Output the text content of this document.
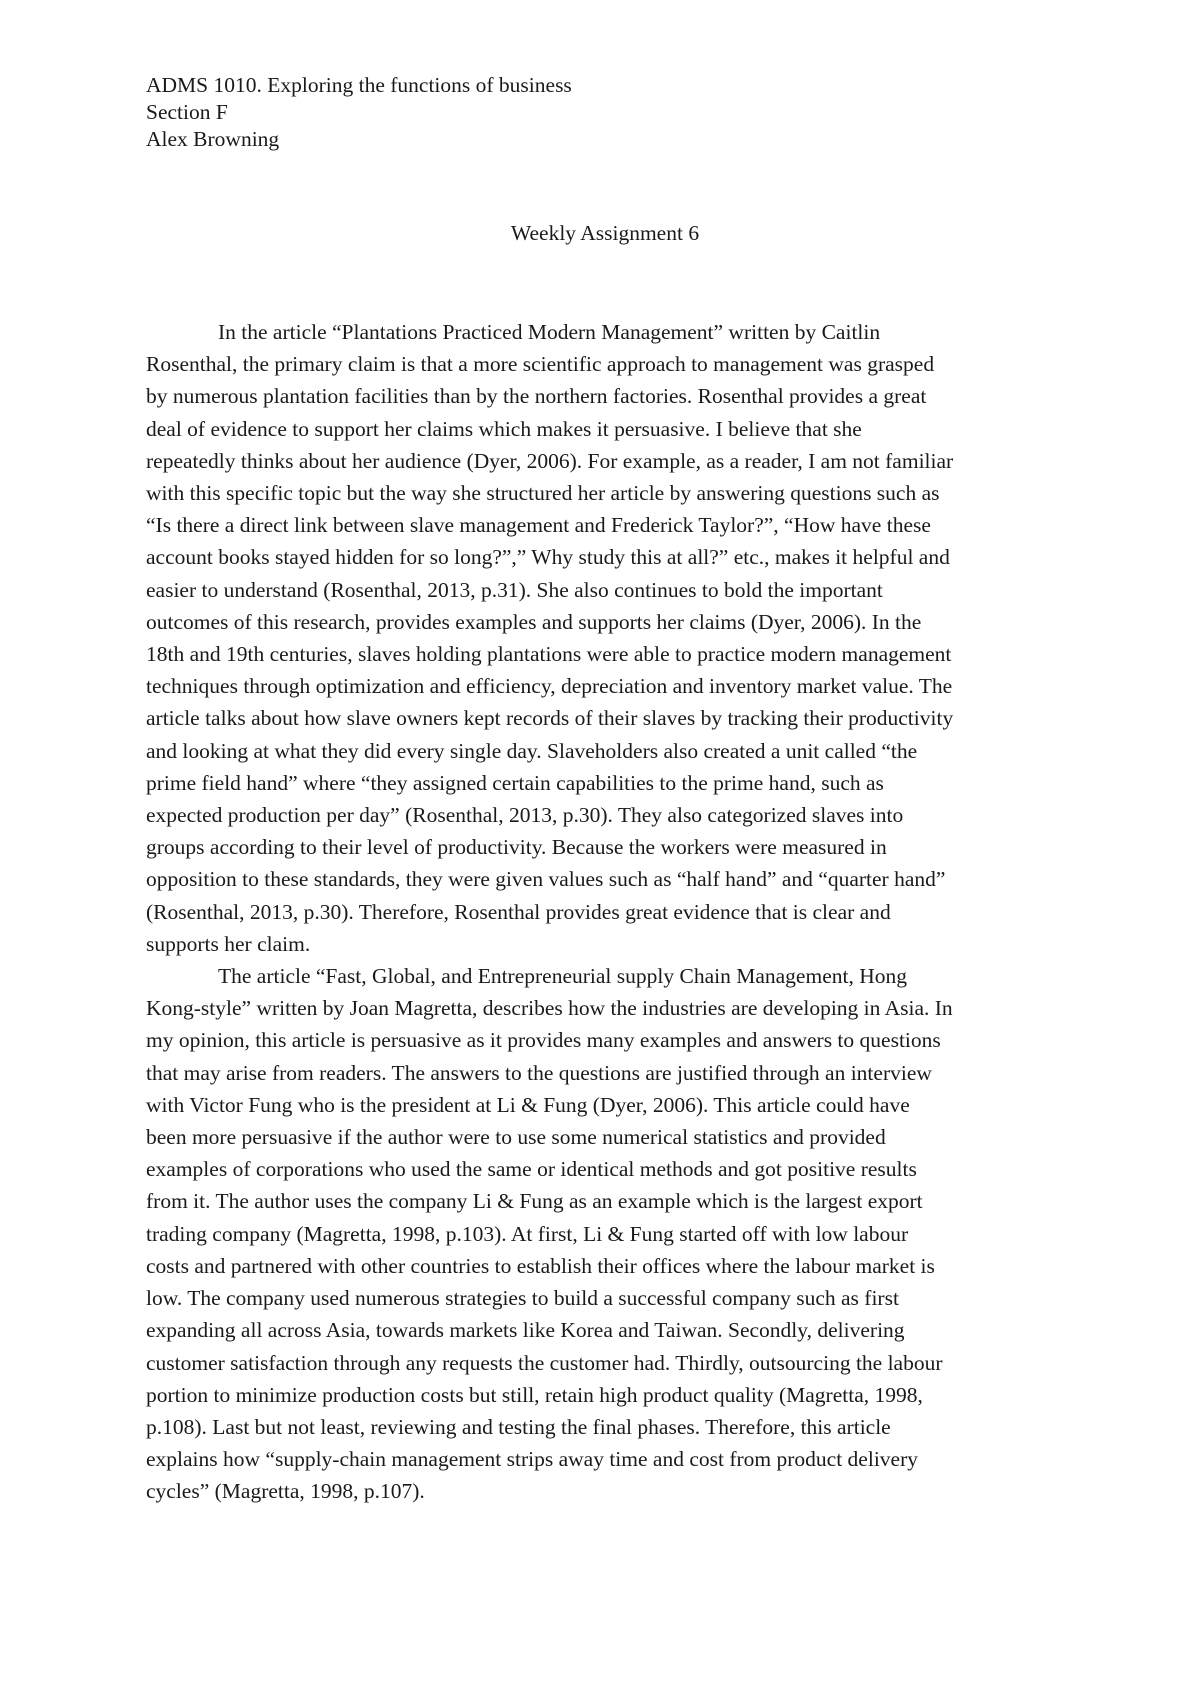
ADMS 1010. Exploring the functions of business
Section F
Alex Browning
Weekly Assignment 6
In the article “Plantations Practiced Modern Management” written by Caitlin
Rosenthal, the primary claim is that a more scientific approach to management was grasped
by numerous plantation facilities than by the northern factories. Rosenthal provides a great
deal of evidence to support her claims which makes it persuasive. I believe that she
repeatedly thinks about her audience (Dyer, 2006). For example, as a reader, I am not familiar
with this specific topic but the way she structured her article by answering questions such as
“Is there a direct link between slave management and Frederick Taylor?”, “How have these
account books stayed hidden for so long?”,” Why study this at all?” etc., makes it helpful and
easier to understand (Rosenthal, 2013, p.31). She also continues to bold the important
outcomes of this research, provides examples and supports her claims (Dyer, 2006). In the
18th and 19th centuries, slaves holding plantations were able to practice modern management
techniques through optimization and efficiency, depreciation and inventory market value. The
article talks about how slave owners kept records of their slaves by tracking their productivity
and looking at what they did every single day. Slaveholders also created a unit called “the
prime field hand” where “they assigned certain capabilities to the prime hand, such as
expected production per day” (Rosenthal, 2013, p.30). They also categorized slaves into
groups according to their level of productivity. Because the workers were measured in
opposition to these standards, they were given values such as “half hand” and “quarter hand”
(Rosenthal, 2013, p.30). Therefore, Rosenthal provides great evidence that is clear and
supports her claim.
The article “Fast, Global, and Entrepreneurial supply Chain Management, Hong
Kong-style” written by Joan Magretta, describes how the industries are developing in Asia. In
my opinion, this article is persuasive as it provides many examples and answers to questions
that may arise from readers. The answers to the questions are justified through an interview
with Victor Fung who is the president at Li & Fung (Dyer, 2006). This article could have
been more persuasive if the author were to use some numerical statistics and provided
examples of corporations who used the same or identical methods and got positive results
from it. The author uses the company Li & Fung as an example which is the largest export
trading company (Magretta, 1998, p.103). At first, Li & Fung started off with low labour
costs and partnered with other countries to establish their offices where the labour market is
low. The company used numerous strategies to build a successful company such as first
expanding all across Asia, towards markets like Korea and Taiwan. Secondly, delivering
customer satisfaction through any requests the customer had. Thirdly, outsourcing the labour
portion to minimize production costs but still, retain high product quality (Magretta, 1998,
p.108). Last but not least, reviewing and testing the final phases. Therefore, this article
explains how “supply-chain management strips away time and cost from product delivery
cycles” (Magretta, 1998, p.107).
